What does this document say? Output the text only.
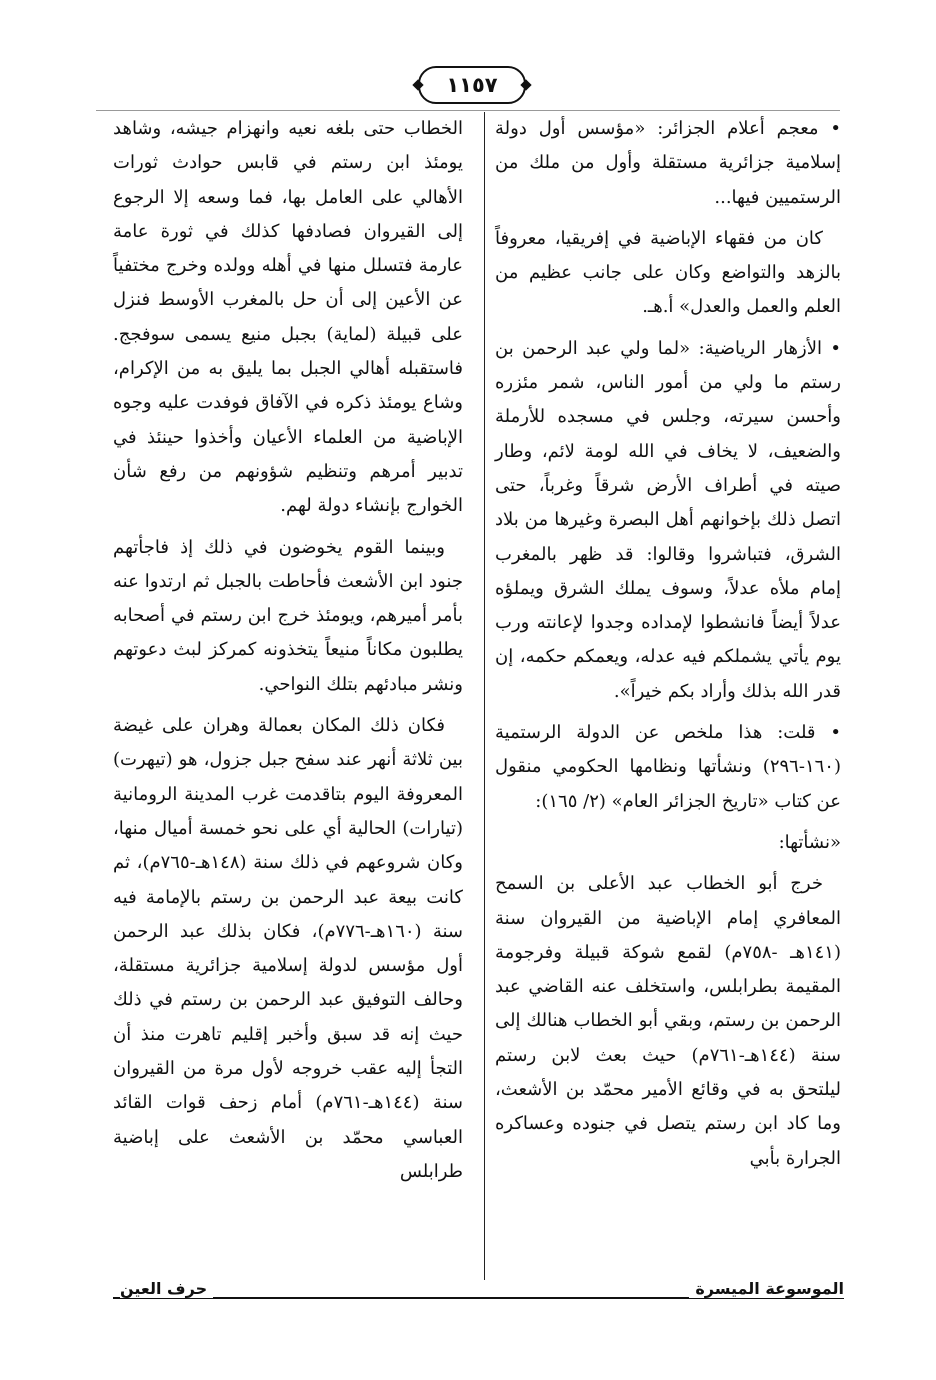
١١٥٧

• معجم أعلام الجزائر: «مؤسس أول دولة إسلامية جزائرية مستقلة وأول من ملك من الرستميين فيها...

كان من فقهاء الإباضية في إفريقيا، معروفاً بالزهد والتواضع وكان على جانب عظيم من العلم والعمل والعدل» أ.هـ.

• الأزهار الرياضية: «لما ولي عبد الرحمن بن رستم ما ولي من أمور الناس، شمر مئزره وأحسن سيرته، وجلس في مسجده للأرملة والضعيف، لا يخاف في الله لومة لائم، وطار صيته في أطراف الأرض شرقاً وغرباً، حتى اتصل ذلك بإخوانهم أهل البصرة وغيرها من بلاد الشرق، فتباشروا وقالوا: قد ظهر بالمغرب إمام ملأه عدلاً، وسوف يملك الشرق ويملؤه عدلاً أيضاً فانشطوا لإمداده وجدوا لإعانته ورب يوم يأتي يشملكم فيه عدله، ويعمكم حكمه، إن قدر الله بذلك وأراد بكم خيراً».

• قلت: هذا ملخص عن الدولة الرستمية (١٦٠-٢٩٦) ونشأتها ونظامها الحكومي منقول عن كتاب «تاريخ الجزائر العام» (٢/ ١٦٥):

«نشأتها:

خرج أبو الخطاب عبد الأعلى بن السمح المعافري إمام الإباضية من القيروان سنة (١٤١هـ -٧٥٨م) لقمع شوكة قبيلة وفرجومة المقيمة بطرابلس، واستخلف عنه القاضي عبد الرحمن بن رستم، وبقي أبو الخطاب هنالك إلى سنة (١٤٤هـ-٧٦١م) حيث بعث لابن رستم ليلتحق به في وقائع الأمير محمّد بن الأشعث، وما كاد ابن رستم يتصل في جنوده وعساكره الجرارة بأبي

الخطاب حتى بلغه نعيه وانهزام جيشه، وشاهد يومئذ ابن رستم في قابس حوادث ثورات الأهالي على العامل بها، فما وسعه إلا الرجوع إلى القيروان فصادفها كذلك في ثورة عامة عارمة فتسلل منها في أهله وولده وخرج مختفياً عن الأعين إلى أن حل بالمغرب الأوسط فنزل على قبيلة (لماية) بجبل منيع يسمى سوفجج. فاستقبله أهالي الجبل بما يليق به من الإكرام، وشاع يومئذ ذكره في الآفاق فوفدت عليه وجوه الإباضية من العلماء الأعيان وأخذوا حينئذ في تدبير أمرهم وتنظيم شؤونهم من رفع شأن الخوارج بإنشاء دولة لهم.

وبينما القوم يخوضون في ذلك إذ فاجأتهم جنود ابن الأشعث فأحاطت بالجبل ثم ارتدوا عنه بأمر أميرهم، ويومئذ خرج ابن رستم في أصحابه يطلبون مكاناً منيعاً يتخذونه كمركز لبث دعوتهم ونشر مبادئهم بتلك النواحي.

فكان ذلك المكان بعمالة وهران على غيضة بين ثلاثة أنهر عند سفح جبل جزول، هو (تيهرت) المعروفة اليوم بتاقدمت غرب المدينة الرومانية (تيارات) الحالية أي على نحو خمسة أميال منها، وكان شروعهم في ذلك سنة (١٤٨هـ-٧٦٥م)، ثم كانت بيعة عبد الرحمن بن رستم بالإمامة فيه سنة (١٦٠هـ-٧٧٦م)، فكان بذلك عبد الرحمن أول مؤسس لدولة إسلامية جزائرية مستقلة، وحالف التوفيق عبد الرحمن بن رستم في ذلك حيث إنه قد سبق وأخبر إقليم تاهرت منذ أن التجأ إليه عقب خروجه لأول مرة من القيروان سنة (١٤٤هـ-٧٦١م) أمام زحف قوات القائد العباسي محمّد بن الأشعث على إباضية طرابلس

الموسوعة الميسرة
حرف العين
